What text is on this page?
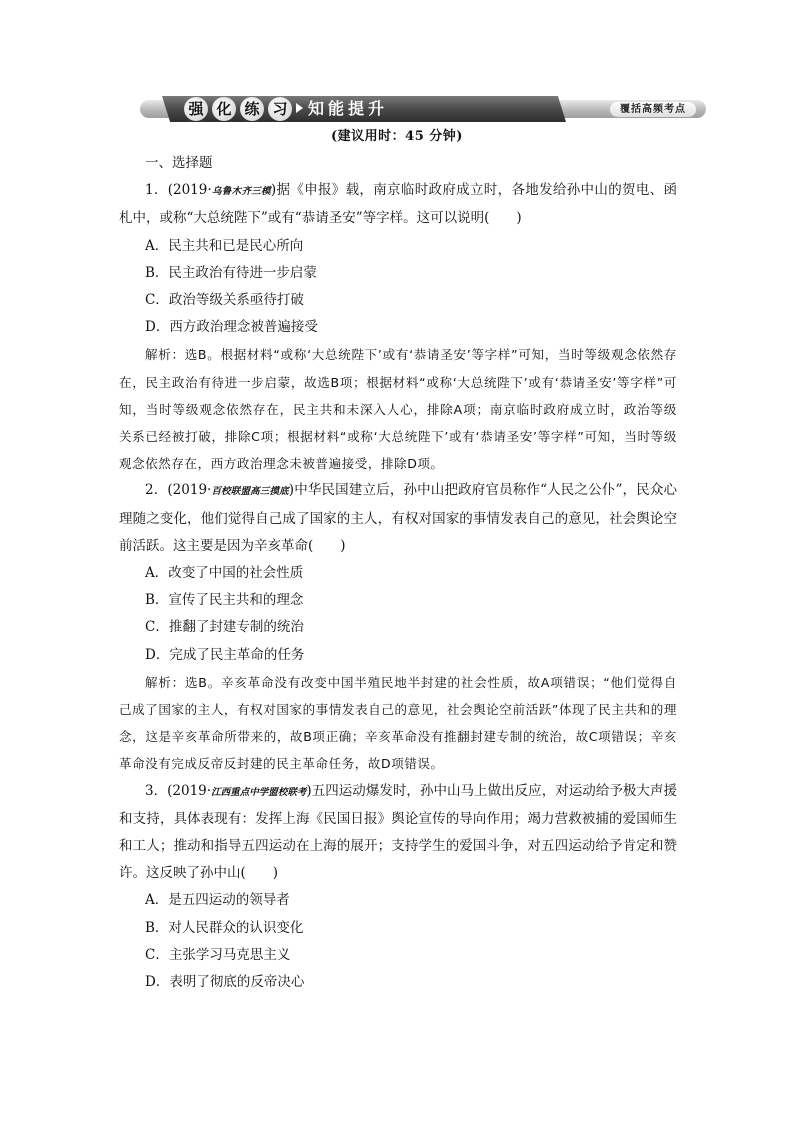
强 化 练 习 知能提升	覆括高频考点
(建议用时：45 分钟)

一、选择题

1．(2019·乌鲁木齐三模)据《申报》载，南京临时政府成立时，各地发给孙中山的贺电、函札中，或称“大总统陛下”或有“恭请圣安”等字样。这可以说明(　　)

A．民主共和已是民心所向

B．民主政治有待进一步启蒙

C．政治等级关系亟待打破

D．西方政治理念被普遍接受

解析：选B。根据材料“或称‘大总统陛下’或有‘恭请圣安’等字样”可知，当时等级观念依然存在，民主政治有待进一步启蒙，故选B项；根据材料“或称‘大总统陛下’或有‘恭请圣安’等字样”可知，当时等级观念依然存在，民主共和未深入人心，排除A项；南京临时政府成立时，政治等级关系已经被打破，排除C项；根据材料“或称‘大总统陛下’或有‘恭请圣安’等字样”可知，当时等级观念依然存在，西方政治理念未被普遍接受，排除D项。

2．(2019·百校联盟高三摸底)中华民国建立后，孙中山把政府官员称作“人民之公仆”，民众心理随之变化，他们觉得自己成了国家的主人，有权对国家的事情发表自己的意见，社会舆论空前活跃。这主要是因为辛亥革命(　　)

A．改变了中国的社会性质

B．宣传了民主共和的理念

C．推翻了封建专制的统治

D．完成了民主革命的任务

解析：选B。辛亥革命没有改变中国半殖民地半封建的社会性质，故A项错误；“他们觉得自己成了国家的主人，有权对国家的事情发表自己的意见，社会舆论空前活跃”体现了民主共和的理念，这是辛亥革命所带来的，故B项正确；辛亥革命没有推翻封建专制的统治，故C项错误；辛亥革命没有完成反帝反封建的民主革命任务，故D项错误。

3．(2019·江西重点中学盟校联考)五四运动爆发时，孙中山马上做出反应，对运动给予极大声援和支持，具体表现有：发挥上海《民国日报》舆论宣传的导向作用；竭力营救被捕的爱国师生和工人；推动和指导五四运动在上海的展开；支持学生的爱国斗争，对五四运动给予肯定和赞许。这反映了孙中山(　　)

A．是五四运动的领导者

B．对人民群众的认识变化

C．主张学习马克思主义

D．表明了彻底的反帝决心
